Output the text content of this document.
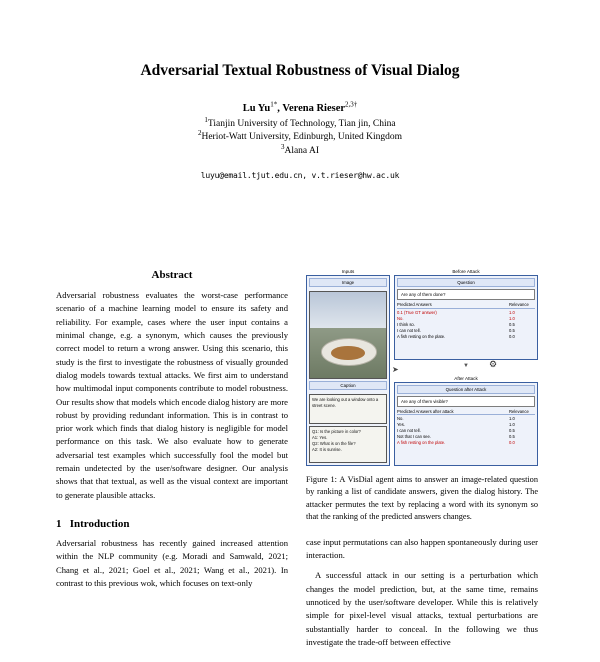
Adversarial Textual Robustness of Visual Dialog
Lu $Yu^{1*}$, Verena Rieser$^{2,3\dagger}$
$^1$Tianjin University of Technology, Tian jin, China
$^2$Heriot-Watt University, Edinburgh, United Kingdom
$^3$Alana AI
luyu@email.tjut.edu.cn, v.t.rieser@hw.ac.uk
Abstract

Adversarial robustness evaluates the worst-case performance scenario of a machine learning model to ensure its safety and reliability. For example, cases where the user input contains a minimal change, e.g. a synonym, which causes the previously correct model to return a wrong answer. Using this scenario, this study is the first to investigate the robustness of visually grounded dialog models towards textual attacks. We first aim to understand how multimodal input components contribute to model robustness. Our results show that models which encode dialog history are more robust by providing redundant information. This is in contrast to prior work which finds that dialog history is negligible for model performance on this task. We also evaluate how to generate adversarial test examples which successfully fool the model but remain undetected by the user/software designer. Our analysis shows that that textual, as well as the visual context are important to generate plausible attacks.

1 Introduction

Adversarial robustness has recently gained increased attention within the NLP community (e.g. Moradi and Samwald, 2021; Chang et al., 2021; Goel et al., 2021; Wang et al., 2021). In contrast to this previous wok, which focuses on text-only

Inputs
Image
Caption
We are looking out a window onto a street scene.
Q1: Is the picture in color?
A1: Yes.
Q2: What is on the file?
A2: It is sunrise.
Before Attack
Question
Are any of them done?
Predicted Answers	Relevance
0.1 (True GT answer)	1.0
No.	1.0
I think so.	0.5
I can not tell.	0.5
A fish resting on the plate.	0.0
▼
After Attack
Question after Attack
Are any of them visible?
Predicted Answers after attack	Relevance
No.	1.0
Yes.	1.0
I can not tell.	0.5
Not that I can see.	0.5
A fish resting on the plate.	0.0
➤
⚙

Figure 1: A VisDial agent aims to answer an image-related question by ranking a list of candidate answers, given the dialog history. The attacker permutes the text by replacing a word with its synonym so that the ranking of the predicted answers changes.

case input permutations can also happen spontaneously during user interaction.

A successful attack in our setting is a perturbation which changes the model prediction, but, at the same time, remains unnoticed by the user/software developer. While this is relatively simple for pixel-level visual attacks, textual perturbations are substantially harder to conceal. In the following we thus investigate the trade-off between effective
